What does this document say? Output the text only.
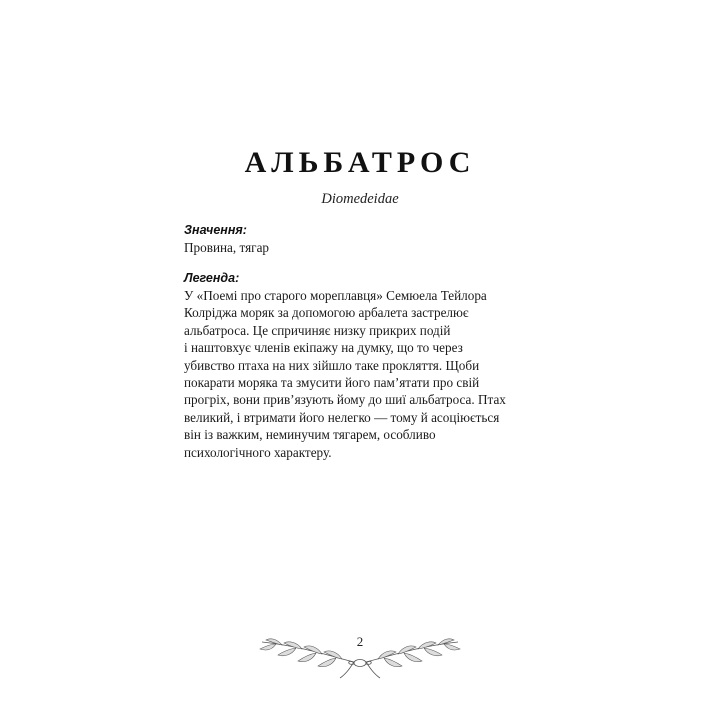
АЛЬБАТРОС

Diomedeidae

Значення:
Провина, тягар
Легенда:
У «Поемі про старого мореплавця» Семюела Тейлора
Колріджа моряк за допомогою арбалета застрелює
альбатроса. Це спричиняє низку прикрих подій
і наштовхує членів екіпажу на думку, що то через
убивство птаха на них зійшло таке прокляття. Щоби
покарати моряка та змусити його пам’ятати про свій
прогріх, вони прив’язують йому до шиї альбатроса. Птах
великий, і втримати його нелегко — тому й асоціюється
він із важким, неминучим тягарем, особливо
психологічного характеру.
2
